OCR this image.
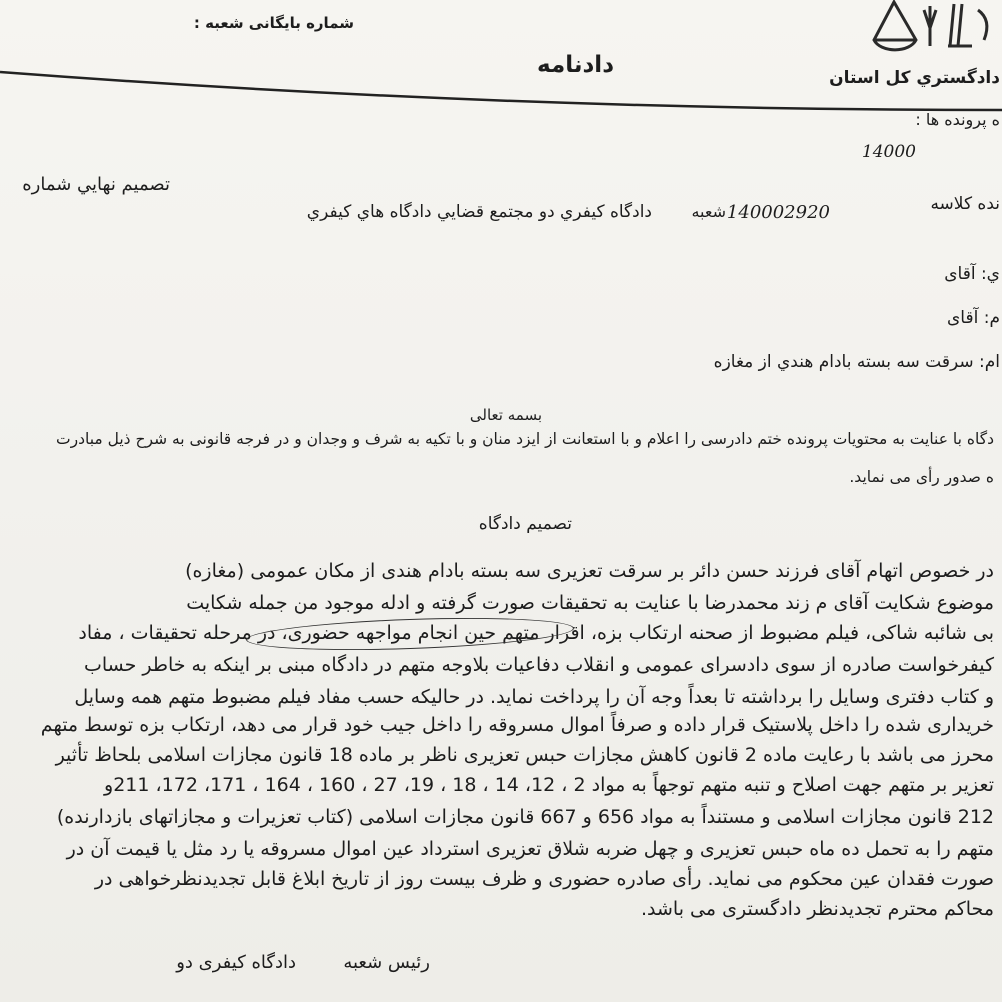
شماره بایگانی شعبه :
دادنامه	دادگستري كل استان
ه پرونده ها :
14000
تصميم نهايي شماره
نده كلاسه
140002920
شعبه
دادگاه كيفري دو مجتمع قضايي دادگاه هاي كيفري
ي: آقای
م: آقای
ام: سرقت سه بسته بادام هندي از مغازه
بسمه تعالی
دگاه با عنایت به محتویات پرونده ختم دادرسی را اعلام و با استعانت از ایزد منان و با تکیه به شرف و وجدان و در فرجه قانونی به شرح ذیل مبادرت
ه صدور رأی می نماید.
تصمیم دادگاه
در خصوص اتهام آقای فرزند حسن دائر بر سرقت تعزیری سه بسته بادام هندی از مکان عمومی (مغازه)
موضوع شکایت آقای م زند محمدرضا با عنایت به تحقیقات صورت گرفته و ادله موجود من جمله شکایت
بی شائبه شاکی، فیلم مضبوط از صحنه ارتکاب بزه، اقرار متهم حین انجام مواجهه حضوری، در مرحله تحقیقات ، مفاد
کیفرخواست صادره از سوی دادسرای عمومی و انقلاب دفاعیات بلاوجه متهم در دادگاه مبنی بر اینکه به خاطر حساب
و کتاب دفتری وسایل را برداشته تا بعداً وجه آن را پرداخت نماید. در حالیکه حسب مفاد فیلم مضبوط متهم همه وسایل
خریداری شده را داخل پلاستیک قرار داده و صرفاً اموال مسروقه را داخل جیب خود قرار می دهد، ارتکاب بزه توسط متهم
محرز می باشد با رعایت ماده 2 قانون کاهش مجازات حبس تعزیری ناظر بر ماده 18 قانون مجازات اسلامی بلحاظ تأثیر
تعزیر بر متهم جهت اصلاح و تنبه متهم توجهاً به مواد 2 ، 12، 14 ، 18 ، 19، 27 ، 160 ، 164 ، 171، 172، 211و
212 قانون مجازات اسلامی و مستنداً به مواد 656 و 667 قانون مجازات اسلامی (کتاب تعزیرات و مجازاتهای بازدارنده)
متهم را به تحمل ده ماه حبس تعزیری و چهل ضربه شلاق تعزیری استرداد عین اموال مسروقه یا رد مثل یا قیمت آن در
صورت فقدان عین محکوم می نماید. رأی صادره حضوری و ظرف بیست روز از تاریخ ابلاغ قابل تجدیدنظرخواهی در
محاکم محترم تجدیدنظر دادگستری می باشد.
رئیس شعبه
دادگاه کیفری دو
